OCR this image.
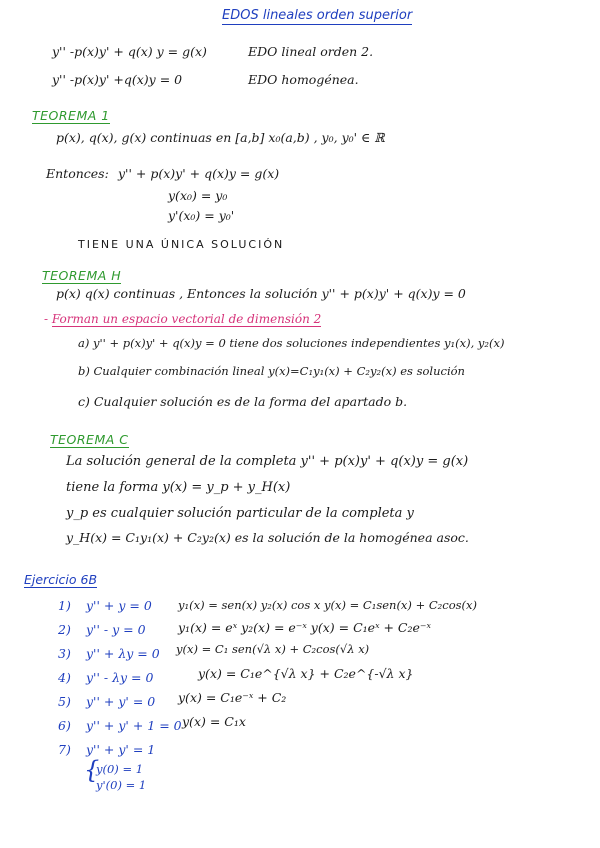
EDOS lineales orden superior
y'' -p(x)y' + q(x) y = g(x)	EDO lineal orden 2.
y'' -p(x)y' +q(x)y = 0	EDO homogénea.
TEOREMA 1
p(x), q(x), g(x) continuas en [a,b] x₀(a,b) , y₀, y₀' ∈ ℝ
Entonces: y'' + p(x)y' + q(x)y = g(x)
y(x₀) = y₀
y'(x₀) = y₀'
TIENE UNA ÚNICA SOLUCIÓN
TEOREMA H
p(x) q(x) continuas , Entonces la solución y'' + p(x)y' + q(x)y = 0
- Forman un espacio vectorial de dimensión 2
a) y'' + p(x)y' + q(x)y = 0 tiene dos soluciones independientes y₁(x), y₂(x)
b) Cualquier combinación lineal y(x)=C₁y₁(x) + C₂y₂(x) es solución
c) Cualquier solución es de la forma del apartado b.
TEOREMA C
La solución general de la completa y'' + p(x)y' + q(x)y = g(x)
tiene la forma y(x) = y_p + y_H(x)
y_p es cualquier solución particular de la completa y
y_H(x) = C₁y₁(x) + C₂y₂(x) es la solución de la homogénea asoc.
Ejercicio 6B
1) y'' + y = 0 y₁(x) = sen(x) y₂(x) cos x y(x) = C₁sen(x) + C₂cos(x)
2) y'' - y = 0	y₁(x) = eˣ y₂(x) = e⁻ˣ y(x) = C₁eˣ + C₂e⁻ˣ
3) y'' + λy = 0 y(x) = C₁ sen(√λ x) + C₂cos(√λ x)
4) y'' - λy = 0	y(x) = C₁e^{√λ x} + C₂e^{-√λ x}
5) y'' + y' = 0 y(x) = C₁e⁻ˣ + C₂
6) y'' + y' + 1 = 0 y(x) = C₁x
7) y'' + y' = 1
{
y(0) = 1
y'(0) = 1
